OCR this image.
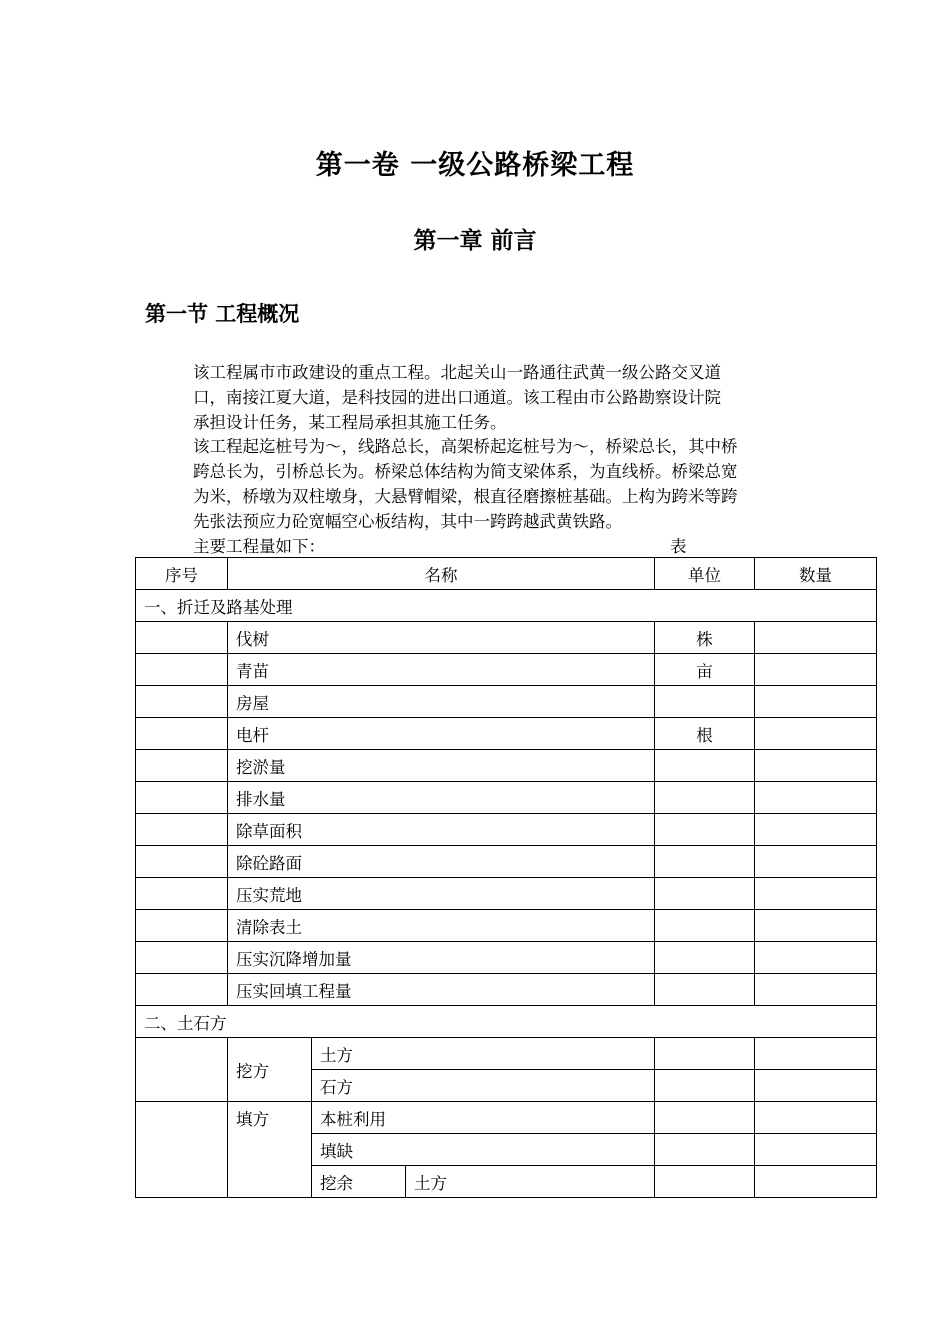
第一卷 一级公路桥梁工程
第一章 前言
第一节 工程概况
该工程属市市政建设的重点工程。北起关山一路通往武黄一级公路交叉道
口，南接江夏大道，是科技园的进出口通道。该工程由市公路勘察设计院
承担设计任务，某工程局承担其施工任务。
该工程起迄桩号为～，线路总长，高架桥起迄桩号为～，桥梁总长，其中桥
跨总长为，引桥总长为。桥梁总体结构为简支梁体系，为直线桥。桥梁总宽
为米，桥墩为双柱墩身，大悬臂帽梁，根直径磨擦桩基础。上构为跨米等跨
先张法预应力砼宽幅空心板结构，其中一跨跨越武黄铁路。
主要工程量如下：	表
序号	名称			单位	数量
一、折迁及路基处理					
	伐树			株	
	青苗			亩	
	房屋				
	电杆			根	
	挖淤量				
	排水量				
	除草面积				
	除砼路面				
	压实荒地				
	清除表土				
	压实沉降增加量				
	压实回填工程量				
二、土石方					
	挖方	土方			
		石方			
	填方	本桩利用			
		填缺			
		挖余	土方		
